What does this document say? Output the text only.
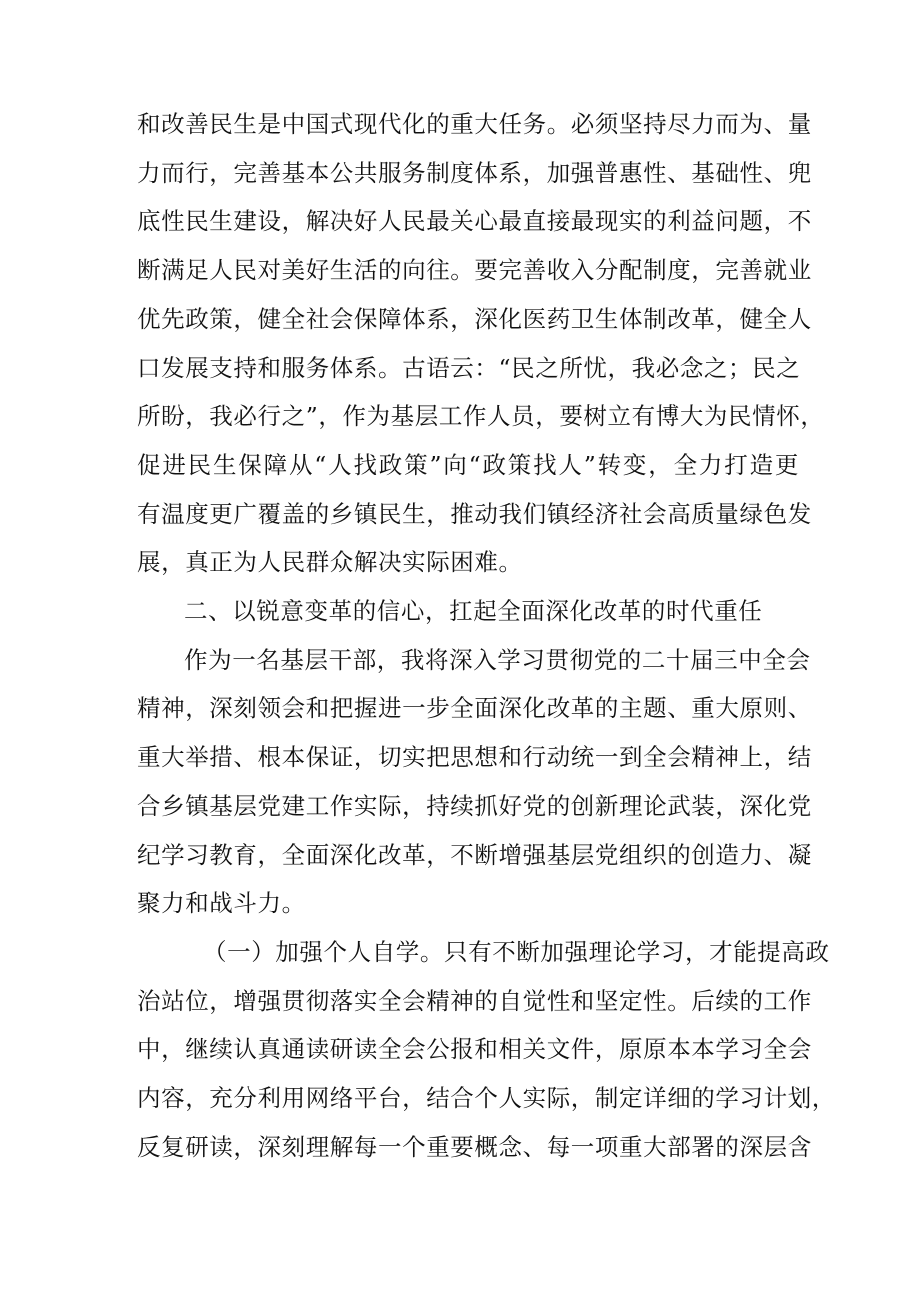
和改善民生是中国式现代化的重大任务。必须坚持尽力而为、量
力而行，完善基本公共服务制度体系，加强普惠性、基础性、兜
底性民生建设，解决好人民最关心最直接最现实的利益问题，不
断满足人民对美好生活的向往。要完善收入分配制度，完善就业
优先政策，健全社会保障体系，深化医药卫生体制改革，健全人
口发展支持和服务体系。古语云：“民之所忧，我必念之；民之
所盼，我必行之”，作为基层工作人员，要树立有博大为民情怀，
促进民生保障从“人找政策”向“政策找人”转变，全力打造更
有温度更广覆盖的乡镇民生，推动我们镇经济社会高质量绿色发
展，真正为人民群众解决实际困难。
二、以锐意变革的信心，扛起全面深化改革的时代重任
作为一名基层干部，我将深入学习贯彻党的二十届三中全会
精神，深刻领会和把握进一步全面深化改革的主题、重大原则、
重大举措、根本保证，切实把思想和行动统一到全会精神上，结
合乡镇基层党建工作实际，持续抓好党的创新理论武装，深化党
纪学习教育，全面深化改革，不断增强基层党组织的创造力、凝
聚力和战斗力。
（一）加强个人自学。只有不断加强理论学习，才能提高政
治站位，增强贯彻落实全会精神的自觉性和坚定性。后续的工作
中，继续认真通读研读全会公报和相关文件，原原本本学习全会
内容，充分利用网络平台，结合个人实际，制定详细的学习计划，
反复研读，深刻理解每一个重要概念、每一项重大部署的深层含
